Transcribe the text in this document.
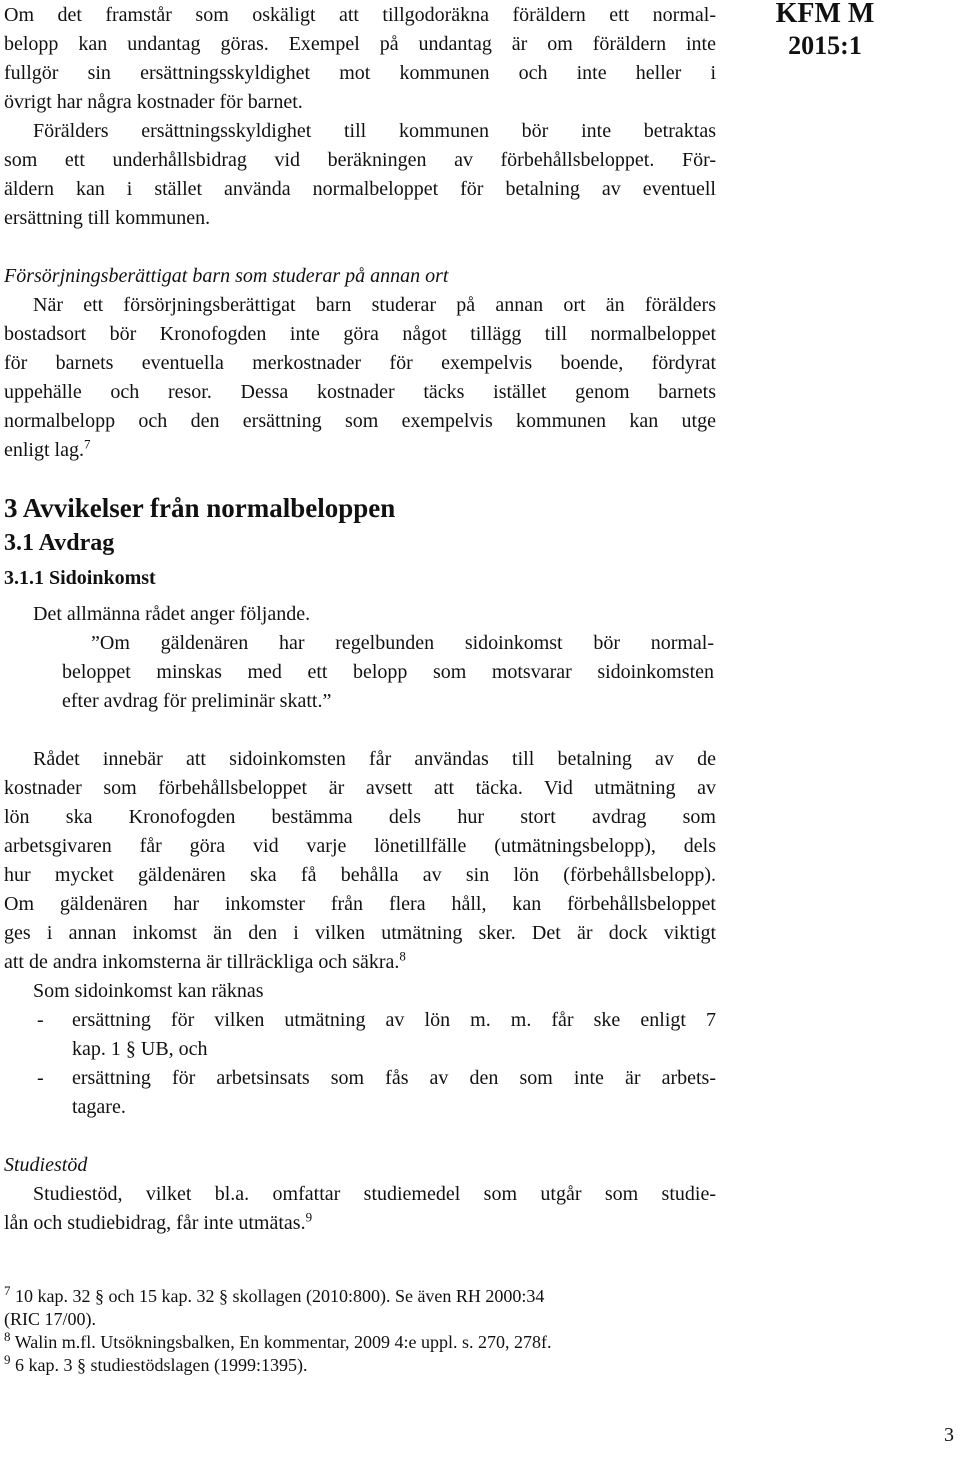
KFM M
2015:1
Om det framstår som oskäligt att tillgodoräkna föräldern ett normal-
belopp kan undantag göras. Exempel på undantag är om föräldern inte
fullgör sin ersättningsskyldighet mot kommunen och inte heller i
övrigt har några kostnader för barnet.
Förälders ersättningsskyldighet till kommunen bör inte betraktas
som ett underhållsbidrag vid beräkningen av förbehållsbeloppet. För-
äldern kan i stället använda normalbeloppet för betalning av eventuell
ersättning till kommunen.
Försörjningsberättigat barn som studerar på annan ort
När ett försörjningsberättigat barn studerar på annan ort än förälders
bostadsort bör Kronofogden inte göra något tillägg till normalbeloppet
för barnets eventuella merkostnader för exempelvis boende, fördyrat
uppehälle och resor. Dessa kostnader täcks istället genom barnets
normalbelopp och den ersättning som exempelvis kommunen kan utge
enligt lag.$^7$
3 Avvikelser från normalbeloppen
3.1 Avdrag
3.1.1 Sidoinkomst
Det allmänna rådet anger följande.
”Om gäldenären har regelbunden sidoinkomst bör normal-
beloppet minskas med ett belopp som motsvarar sidoinkomsten
efter avdrag för preliminär skatt.”
Rådet innebär att sidoinkomsten får användas till betalning av de
kostnader som förbehållsbeloppet är avsett att täcka. Vid utmätning av
lön ska Kronofogden bestämma dels hur stort avdrag som
arbetsgivaren får göra vid varje lönetillfälle (utmätningsbelopp), dels
hur mycket gäldenären ska få behålla av sin lön (förbehållsbelopp).
Om gäldenären har inkomster från flera håll, kan förbehållsbeloppet
ges i annan inkomst än den i vilken utmätning sker. Det är dock viktigt
att de andra inkomsterna är tillräckliga och säkra.$^8$
Som sidoinkomst kan räknas
- ersättning för vilken utmätning av lön m. m. får ske enligt 7
kap. 1 § UB, och
- ersättning för arbetsinsats som fås av den som inte är arbets-
tagare.
Studiestöd
Studiestöd, vilket bl.a. omfattar studiemedel som utgår som studie-
lån och studiebidrag, får inte utmätas.$^9$

$^7$ 10 kap. 32 § och 15 kap. 32 § skollagen (2010:800). Se även RH 2000:34

(RIC 17/00).

$^8$ Walin m.fl. Utsökningsbalken, En kommentar, 2009 4:e uppl. s. 270, 278f.

$^9$ 6 kap. 3 § studiestödslagen (1999:1395).

3
